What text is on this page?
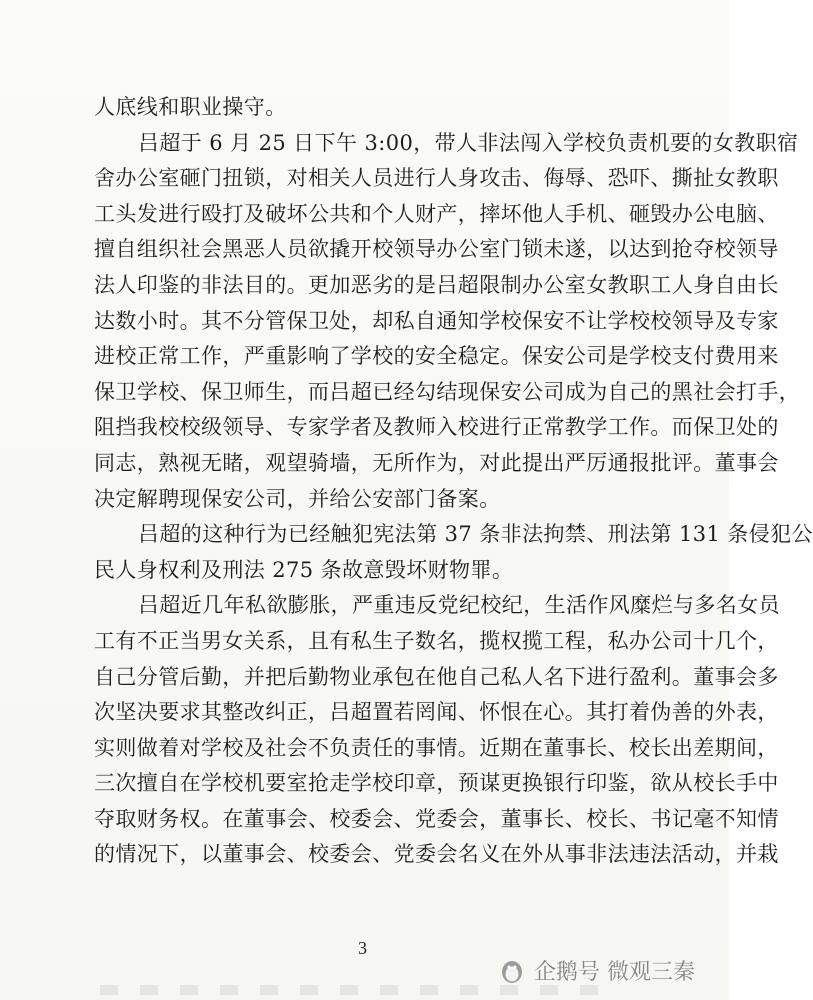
人底线和职业操守。
吕超于 6 月 25 日下午 3:00，带人非法闯入学校负责机要的女教职宿
舍办公室砸门扭锁，对相关人员进行人身攻击、侮辱、恐吓、撕扯女教职
工头发进行殴打及破坏公共和个人财产，摔坏他人手机、砸毁办公电脑、
擅自组织社会黑恶人员欲撬开校领导办公室门锁未遂，以达到抢夺校领导
法人印鉴的非法目的。更加恶劣的是吕超限制办公室女教职工人身自由长
达数小时。其不分管保卫处，却私自通知学校保安不让学校校领导及专家
进校正常工作，严重影响了学校的安全稳定。保安公司是学校支付费用来
保卫学校、保卫师生，而吕超已经勾结现保安公司成为自己的黑社会打手，
阻挡我校校级领导、专家学者及教师入校进行正常教学工作。而保卫处的
同志，熟视无睹，观望骑墙，无所作为，对此提出严厉通报批评。董事会
决定解聘现保安公司，并给公安部门备案。
吕超的这种行为已经触犯宪法第 37 条非法拘禁、刑法第 131 条侵犯公
民人身权利及刑法 275 条故意毁坏财物罪。
吕超近几年私欲膨胀，严重违反党纪校纪，生活作风糜烂与多名女员
工有不正当男女关系，且有私生子数名，揽权揽工程，私办公司十几个，
自己分管后勤，并把后勤物业承包在他自己私人名下进行盈利。董事会多
次坚决要求其整改纠正，吕超置若罔闻、怀恨在心。其打着伪善的外表，
实则做着对学校及社会不负责任的事情。近期在董事长、校长出差期间，
三次擅自在学校机要室抢走学校印章，预谋更换银行印鉴，欲从校长手中
夺取财务权。在董事会、校委会、党委会，董事长、校长、书记毫不知情
的情况下，以董事会、校委会、党委会名义在外从事非法违法活动，并栽
3
企鹅号 微观三秦
